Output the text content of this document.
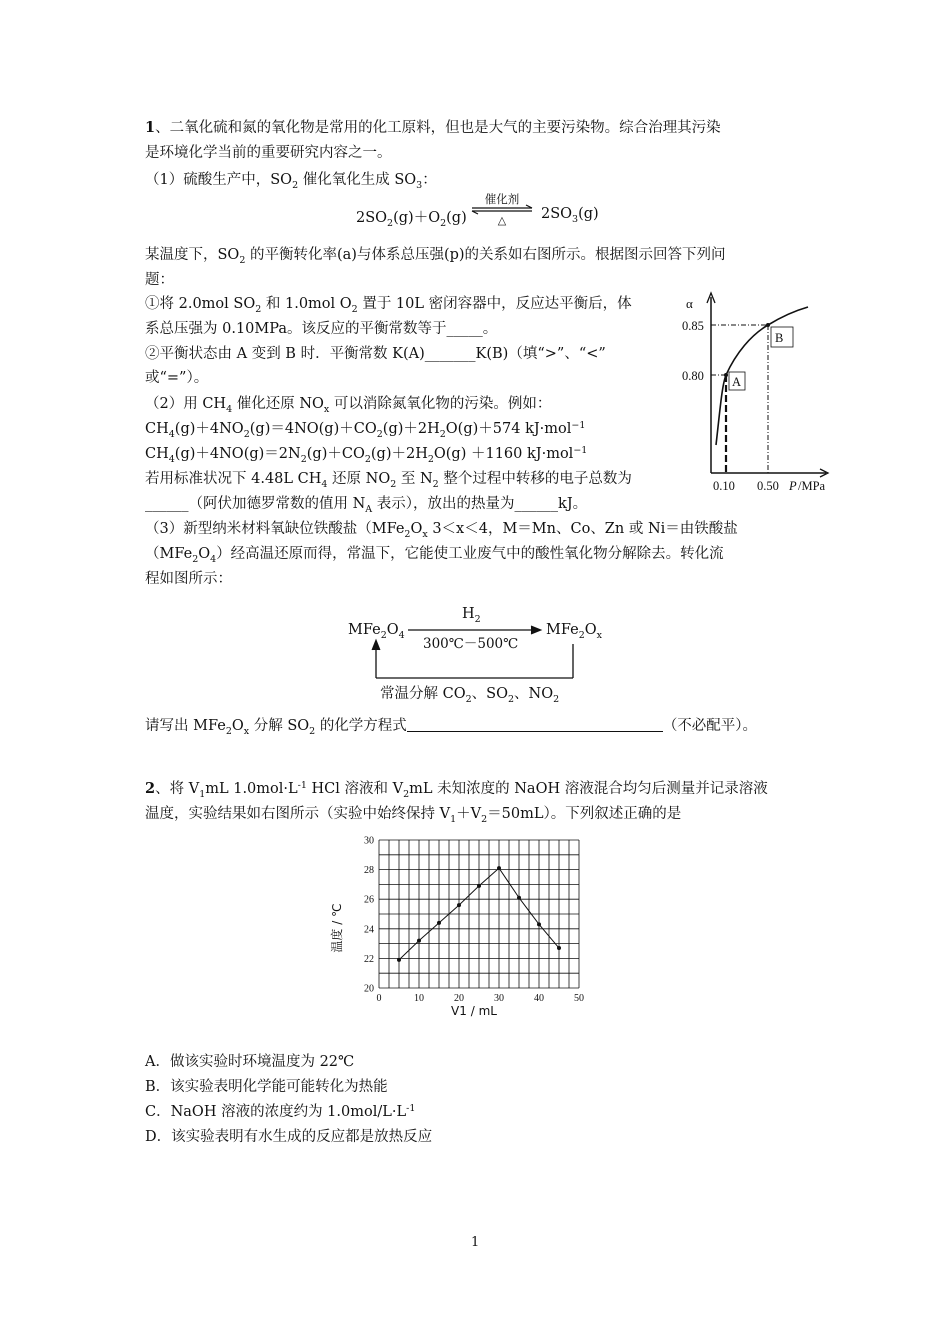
1、二氧化硫和氮的氧化物是常用的化工原料，但也是大气的主要污染物。综合治理其污染
是环境化学当前的重要研究内容之一。
（1）硫酸生产中，$SO_2$ 催化氧化生成 $SO_3$：
$2SO_2(g)+O_2(g)$
催化剂
△ $2SO_3(g)$
某温度下，$SO_2$ 的平衡转化率(a)与体系总压强(p)的关系如右图所示。根据图示回答下列问
题：
①将 2.0mol $SO_2$ 和 1.0mol $O_2$ 置于 10L 密闭容器中，反应达平衡后，体
系总压强为 0.10MPa。该反应的平衡常数等于_____。
②平衡状态由 A 变到 B 时．平衡常数 K(A)_______K(B)（填“>”、“<”
或“=”）。
（2）用 $CH_4$ 催化还原 $NO_x$ 可以消除氮氧化物的污染。例如：
$CH_4(g)+4NO_2(g)=4NO(g)+CO_2(g)+2H_2O(g)+574$ kJ·mol$^{-1}$
$CH_4(g)+4NO(g)=2N_2(g)+CO_2(g)+2H_2O(g) +1160$ kJ·mol$^{-1}$
若用标准状况下 4.48L $CH_4$ 还原 $NO_2$ 至 $N_2$ 整个过程中转移的电子总数为
______（阿伏加德罗常数的值用 $N_A$ 表示），放出的热量为______kJ。
（3）新型纳米材料氧缺位铁酸盐（$MFe_2O_x$ 3＜x＜4，M＝Mn、Co、Zn 或 Ni＝由铁酸盐
$(MFe_2O_4)$经高温还原而得，常温下，它能使工业废气中的酸性氧化物分解除去。转化流
程如图所示：
α
0.85
0.80
0.10 0.50 P /MPa
A
B
$MFe_2O_4$	$MFe_2O_x$
$H_2$
300℃－500℃
常温分解 $CO_2$、$SO_2$、$NO_2$
请写出 $MFe_2O_x$ 分解 $SO_2$ 的化学方程式	（不必配平）。
2、将 $V_1mL$ $1.0mol\cdot L^{-1}$ HCl 溶液和 $V_2mL$ 未知浓度的 NaOH 溶液混合均匀后测量并记录溶液
温度，实验结果如右图所示（实验中始终保持 $V_1+V_2=50mL$）。下列叙述正确的是
0	10	20	30	40	50
20
22
24
26
28
30
V1 / mL
温度 / ℃
A．做该实验时环境温度为 22℃
B．该实验表明化学能可能转化为热能
C．NaOH 溶液的浓度约为 $1.0mol/L\cdot L^{-1}$
D．该实验表明有水生成的反应都是放热反应
1
